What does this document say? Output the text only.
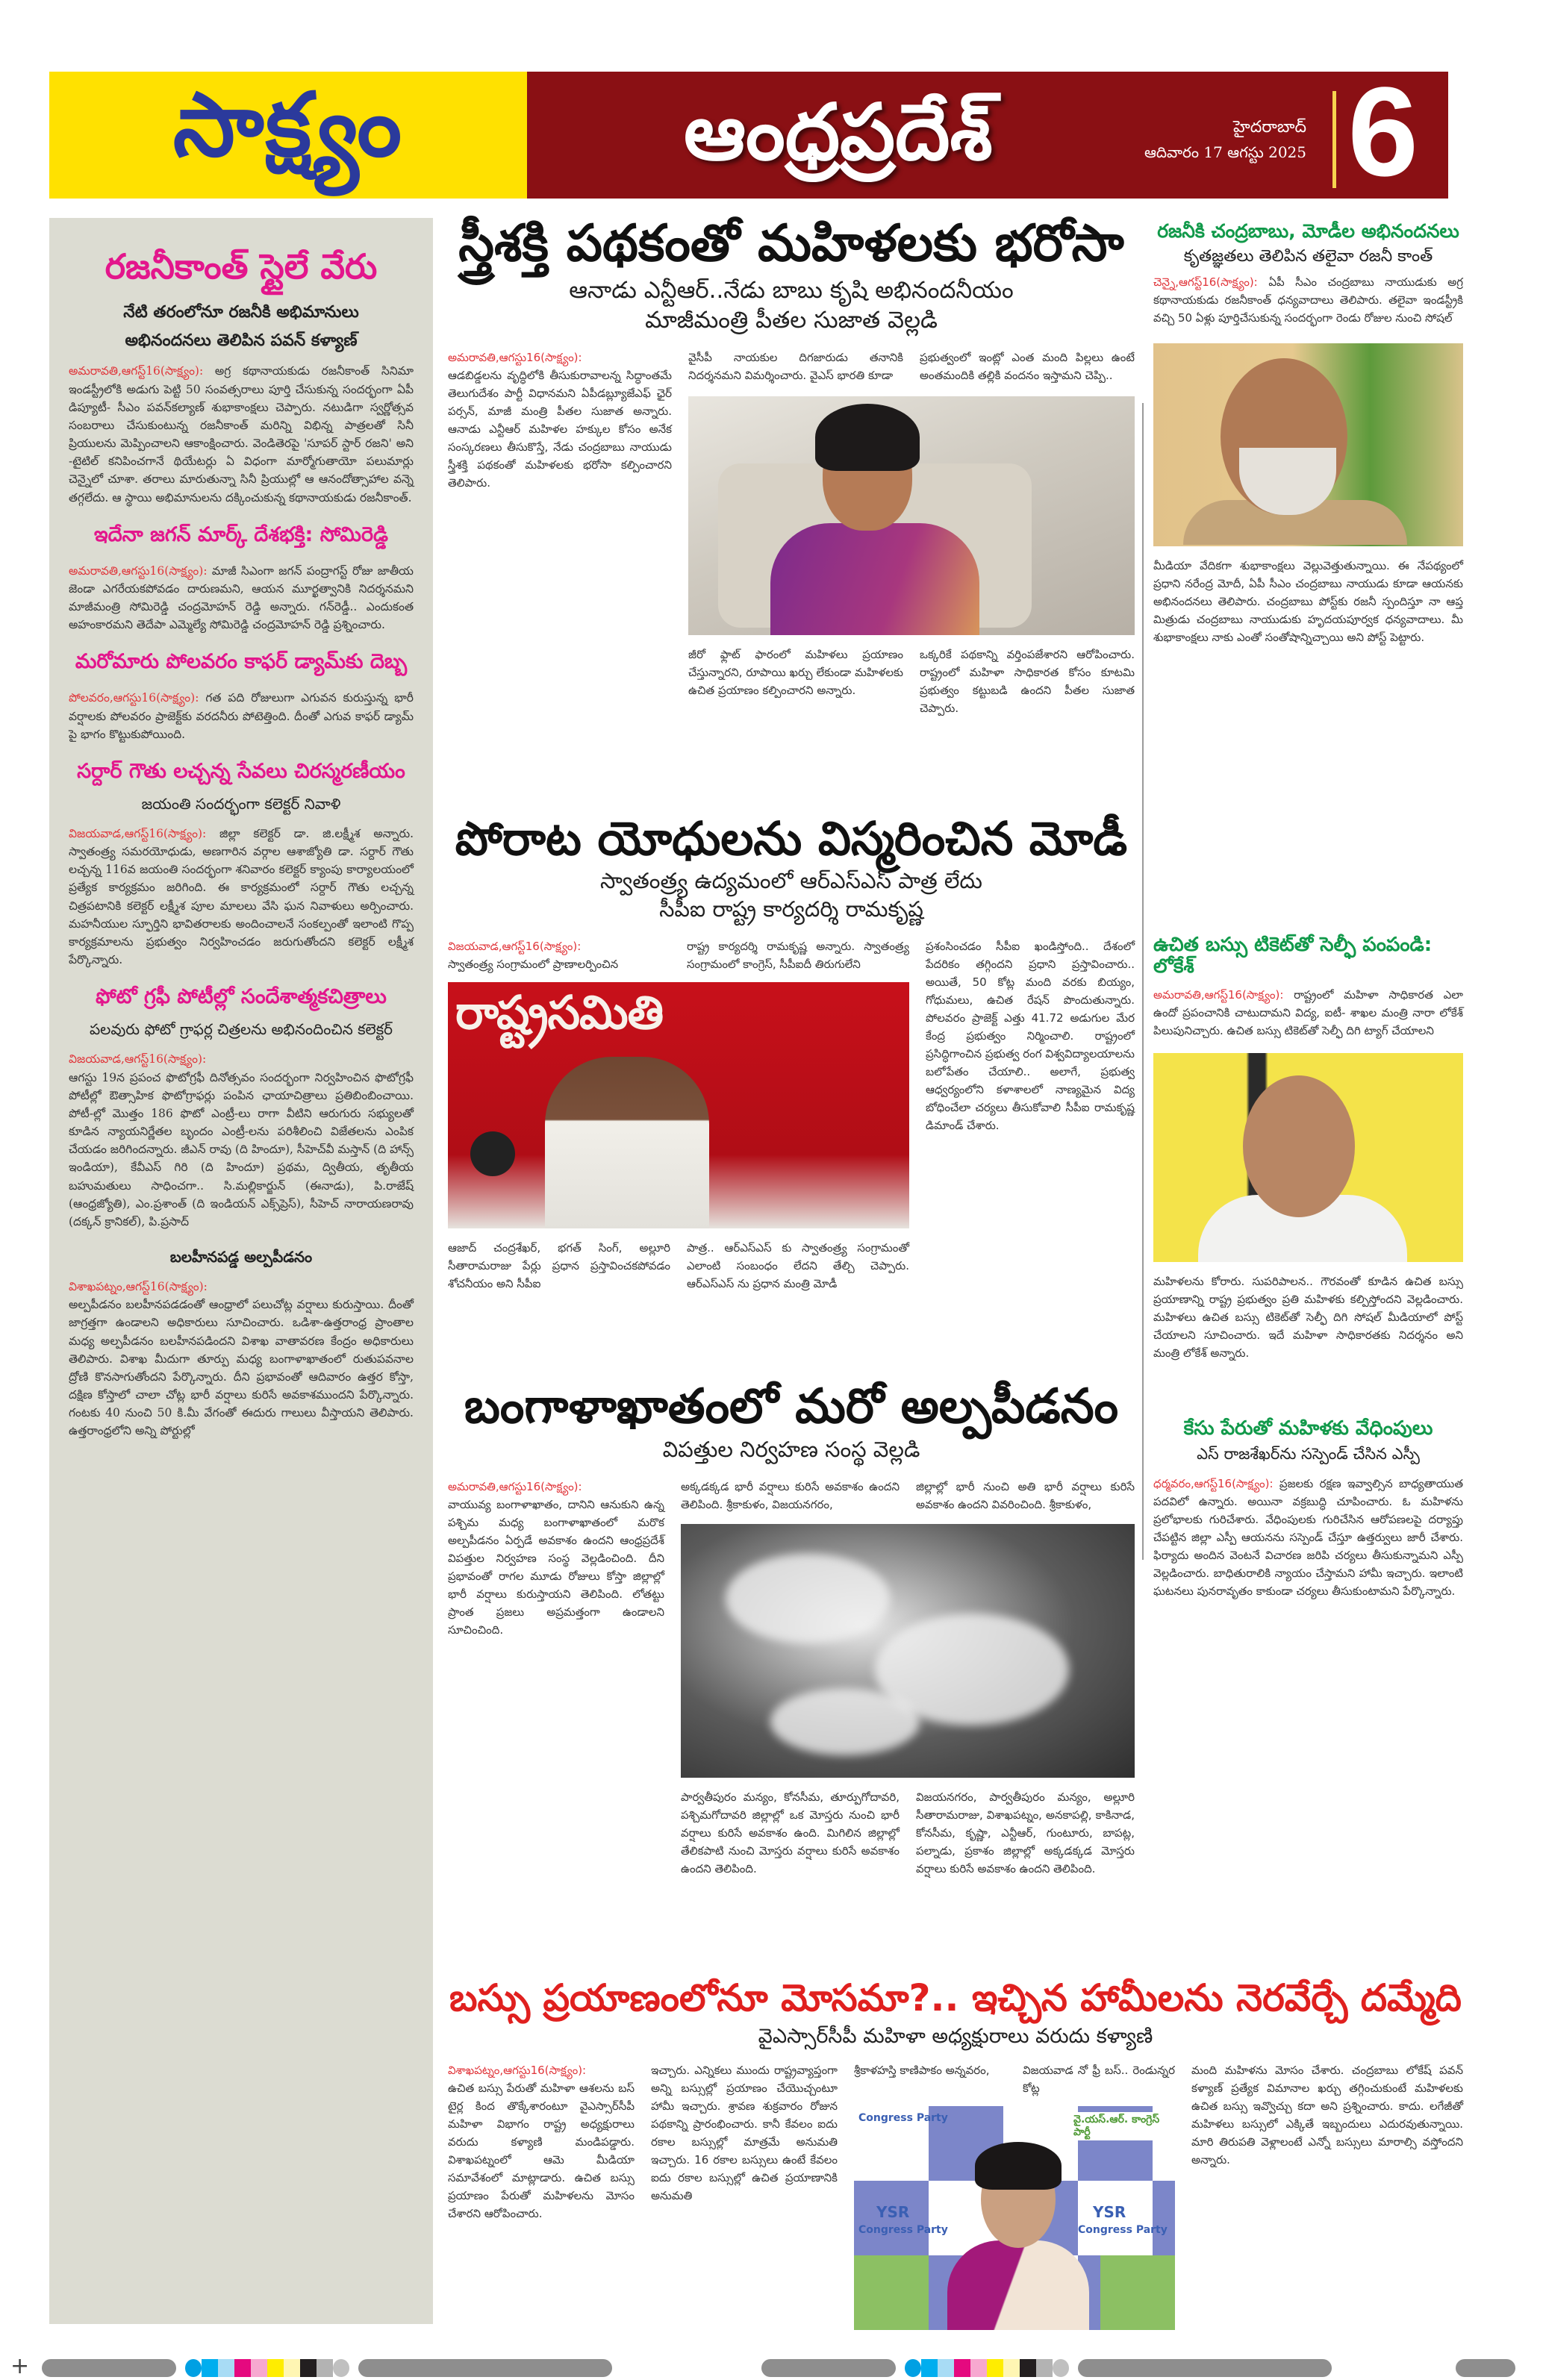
సాక్ష్యం	ఆంధ్రప్రదేశ్	హైదరాబాద్
ఆదివారం 17 ఆగస్టు 2025 6
రజనీకాంత్ స్టైలే వేరు
నేటి తరంలోనూ రజనీకి అభిమానులు
అభినందనలు తెలిపిన పవన్ కళ్యాణ్
అమరావతి,ఆగస్ట్16(సాక్ష్యం): అగ్ర కథానాయకుడు రజనీకాంత్ సినిమా ఇండస్ట్రీలోకి అడుగు పెట్టి 50 సంవత్సరాలు పూర్తి చేసుకున్న సందర్భంగా ఏపీ డిప్యూటీ- సీఎం పవన్‌కల్యాణ్ శుభాకాంక్షలు చెప్పారు. నటుడిగా స్వర్ణోత్సవ సంబరాలు చేసుకుంటున్న రజనీకాంత్ మరిన్ని విభిన్న పాత్రలతో సినీ ప్రియులను మెప్పించాలని ఆకాంక్షించారు. వెండితెరపై 'సూపర్ స్టార్ రజని' అని -టైటిల్ కనిపించగానే థియేటర్లు ఏ విధంగా మార్మోగుతాయో పలుమార్లు చెన్నైలో చూశా. తరాలు మారుతున్నా సినీ ప్రియుల్లో ఆ ఆనందోత్సాహాల వన్నె తగ్గలేదు. ఆ స్థాయి అభిమానులను దక్కించుకున్న కథానాయకుడు రజనీకాంత్.
ఇదేనా జగన్ మార్క్ దేశభక్తి: సోమిరెడ్డి
అమరావతి,ఆగస్టు16(సాక్ష్యం): మాజీ సిఎంగా జగన్ పంద్రాగస్ట్ రోజు జాతీయ జెండా ఎగరేయకపోవడం దారుణమని, ఆయన మూర్ఖత్వానికి నిదర్శనమని మాజీమంత్రి సోమిరెడ్డి చంద్రమోహన్ రెడ్డి అన్నారు. గన్‌రెడ్డీ.. ఎందుకంత అహంకారమని తెదేపా ఎమ్మెల్యే సోమిరెడ్డి చంద్రమోహన్ రెడ్డి ప్రశ్నించారు.
మరోమారు పోలవరం కాఫర్ డ్యామ్‌కు దెబ్బ
పోలవరం,ఆగస్టు16(సాక్ష్యం): గత పది రోజులుగా ఎగువన కురుస్తున్న భారీ వర్షాలకు పోలవరం ప్రాజెక్ట్‌కు వరదనీరు పోటెత్తింది. దీంతో ఎగువ కాఫర్ డ్యామ్ పై భాగం కొట్టుకుపోయింది.
సర్దార్ గౌతు లచ్చన్న సేవలు చిరస్మరణీయం
జయంతి సందర్భంగా కలెక్టర్ నివాళి
విజయవాడ,ఆగస్ట్16(సాక్ష్యం): జిల్లా కలెక్టర్ డా. జి.లక్ష్మీశ అన్నారు. స్వాతంత్ర్య సమరయోధుడు, అణగారిన వర్గాల ఆశాజ్యోతి డా. సర్దార్ గౌతు లచ్చన్న 116వ జయంతి సందర్భంగా శనివారం కలెక్టర్ క్యాంపు కార్యాలయంలో ప్రత్యేక కార్యక్రమం జరిగింది. ఈ కార్యక్రమంలో సర్దార్ గౌతు లచ్చన్న చిత్రపటానికి కలెక్టర్ లక్ష్మీశ పూల మాలలు వేసి ఘన నివాళులు అర్పించారు. మహనీయుల స్ఫూర్తిని భావితరాలకు అందించాలనే సంకల్పంతో ఇలాంటి గొప్ప కార్యక్రమాలను ప్రభుత్వం నిర్వహించడం జరుగుతోందని కలెక్టర్ లక్ష్మీశ పేర్కొన్నారు.
ఫోటో గ్రఫీ పోటీల్లో సందేశాత్మకచిత్రాలు
పలవురు ఫోటో గ్రాఫర్ల చిత్రలను అభినందించిన కలెక్టర్
విజయవాడ,ఆగస్ట్16(సాక్ష్యం):
ఆగస్టు 19న ప్రపంచ ఫొటోగ్రఫీ దినోత్సవం సందర్భంగా నిర్వహించిన ఫొటోగ్రఫీ పోటీల్లో ఔత్సాహిక ఫొటోగ్రాఫర్లు పంపిన ఛాయాచిత్రాలు ప్రతిబింబించాయి. పోటీ-ల్లో మొత్తం 186 ఫొటో ఎంట్రీ-లు రాగా వీటిని ఆరుగురు సభ్యులతో కూడిన న్యాయనిర్ణేతల బృందం ఎంట్రీ-లను పరిశీలించి విజేతలను ఎంపిక చేయడం జరిగిందన్నారు. జీఎన్ రావు (ది హిందూ), సీహెచ్‌వీ మస్తాన్ (ది హాన్స్ ఇండియా), కేవీఎస్ గిరి (ది హిందూ) ప్రథమ, ద్వితీయ, తృతీయ బహుమతులు సాధించగా.. సి.మల్లికార్జున్ (ఈనాడు), పి.రాజేష్ (ఆంధ్రజ్యోతి), ఎం.ప్రశాంత్ (ది ఇండియన్ ఎక్స్‌ప్రెస్), సీహెచ్ నారాయణరావు (దక్కన్ క్రానికల్), పి.ప్రసాద్
బలహీనపడ్డ అల్పపీడనం
విశాఖపట్నం,ఆగస్ట్16(సాక్ష్యం):
అల్పపీడనం బలహీనపడడంతో ఆంధ్రాలో పలుచోట్ల వర్షాలు కురుస్తాయి. దీంతో జాగ్రత్తగా ఉండాలని అధికారులు సూచించారు. ఒడిశా-ఉత్తరాంధ్ర ప్రాంతాల మధ్య అల్పపీడనం బలహీనపడిందని విశాఖ వాతావరణ కేంద్రం అధికారులు తెలిపారు. విశాఖ మీదుగా తూర్పు మధ్య బంగాళాఖాతంలో రుతుపవనాల ద్రోణి కొనసాగుతోందని పేర్కొన్నారు. దీని ప్రభావంతో ఆదివారం ఉత్తర కోస్తా, దక్షిణ కోస్తాలో చాలా చోట్ల భారీ వర్షాలు కురిసే అవకాశముందని పేర్కొన్నారు. గంటకు 40 నుంచి 50 కి.మీ వేగంతో ఈదురు గాలులు వీస్తాయని తెలిపారు. ఉత్తరాంధ్రలోని అన్ని పోర్టుల్లో
స్త్రీశక్తి పథకంతో మహిళలకు భరోసా
ఆనాడు ఎన్టీఆర్..నేడు బాబు కృషి అభినందనీయం
మాజీమంత్రి పీతల సుజాత వెల్లడి
అమరావతి,ఆగస్టు16(సాక్ష్యం):
ఆడబిడ్డలను వృద్ధిలోకి తీసుకురావాలన్న సిద్ధాంతమే తెలుగుదేశం పార్టీ విధానమని ఏపీడబ్ల్యూజేఎఫ్ ఛైర్ పర్సన్, మాజీ మంత్రి పీతల సుజాత అన్నారు. ఆనాడు ఎన్టీఆర్ మహిళల హక్కుల కోసం అనేక సంస్కరణలు తీసుకొస్తే, నేడు చంద్రబాబు నాయుడు స్త్రీశక్తి పథకంతో మహిళలకు భరోసా కల్పించారని తెలిపారు.
వైసీపీ నాయకుల దిగజారుడు తనానికి నిదర్శనమని విమర్శించారు. వైఎస్ భారతి కూడా
ప్రభుత్వంలో ఇంట్లో ఎంత మంది పిల్లలు ఉంటే అంతమందికి తల్లికి వందనం ఇస్తామని చెప్పి..
జీరో ఫ్లాట్ ఫారంలో మహిళలు ప్రయాణం చేస్తున్నారని, రూపాయి ఖర్చు లేకుండా మహిళలకు ఉచిత ప్రయాణం కల్పించారని అన్నారు.
ఒక్కరికే పథకాన్ని వర్తింపజేశారని ఆరోపించారు. రాష్ట్రంలో మహిళా సాధికారత కోసం కూటమి ప్రభుత్వం కట్టుబడి ఉందని పీతల సుజాత చెప్పారు.
పోరాట యోధులను విస్మరించిన మోడీ
స్వాతంత్ర్య ఉద్యమంలో ఆర్ఎస్ఎస్ పాత్ర లేదు
సీపీఐ రాష్ట్ర కార్యదర్శి రామకృష్ణ
విజయవాడ,ఆగస్ట్16(సాక్ష్యం):
స్వాతంత్ర్య సంగ్రామంలో ప్రాణాలర్పించిన
రాష్ట్ర కార్యదర్శి రామకృష్ణ అన్నారు. స్వాతంత్ర్య సంగ్రామంలో కాంగ్రెస్, సీపీఐదీ తిరుగులేని
రాష్ట్రసమితి
ఆజాద్ చంద్రశేఖర్, భగత్ సింగ్, అల్లూరి సీతారామరాజు పేర్లు ప్రధాన ప్రస్తావించకపోవడం శోచనీయం అని సీపీఐ
పాత్ర.. ఆర్ఎస్ఎస్ కు స్వాతంత్ర్య సంగ్రామంతో ఎలాంటి సంబంధం లేదని తేల్చి చెప్పారు. ఆర్ఎస్ఎస్ ను ప్రధాన మంత్రి మోడీ
ప్రశంసించడం సీపీఐ ఖండిస్తోంది.. దేశంలో పేదరికం తగ్గిందని ప్రధాని ప్రస్తావించారు.. అయితే, 50 కోట్ల మంది వరకు బియ్యం, గోధుమలు, ఉచిత రేషన్ పొందుతున్నారు. పోలవరం ప్రాజెక్ట్ ఎత్తు 41.72 అడుగుల మేర కేంద్ర ప్రభుత్వం నిర్మించాలి. రాష్ట్రంలో ప్రసిద్ధిగాంచిన ప్రభుత్వ రంగ విశ్వవిద్యాలయాలను బలోపేతం చేయాలి.. అలాగే, ప్రభుత్వ ఆధ్వర్యంలోని కళాశాలలో నాణ్యమైన విద్య బోధించేలా చర్యలు తీసుకోవాలి సీపీఐ రామకృష్ణ డిమాండ్ చేశారు.
బంగాళాఖాతంలో మరో అల్పపీడనం
విపత్తుల నిర్వహణ సంస్థ వెల్లడి
అమరావతి,ఆగస్టు16(సాక్ష్యం):
వాయువ్య బంగాళాఖాతం, దానిని ఆనుకుని ఉన్న పశ్చిమ మధ్య బంగాళాఖాతంలో మరొక అల్పపీడనం ఏర్పడే అవకాశం ఉందని ఆంధ్రప్రదేశ్ విపత్తుల నిర్వహణ సంస్థ వెల్లడించింది. దీని ప్రభావంతో రాగల మూడు రోజులు కోస్తా జిల్లాల్లో భారీ వర్షాలు కురుస్తాయని తెలిపింది. లోతట్టు ప్రాంత ప్రజలు అప్రమత్తంగా ఉండాలని సూచించింది.
అక్కడక్కడ భారీ వర్షాలు కురిసే అవకాశం ఉందని తెలిపింది. శ్రీకాకుళం, విజయనగరం,
జిల్లాల్లో భారీ నుంచి అతి భారీ వర్షాలు కురిసే అవకాశం ఉందని వివరించింది. శ్రీకాకుళం,
పార్వతీపురం మన్యం, కోనసీమ, తూర్పుగోదావరి, పశ్చిమగోదావరి జిల్లాల్లో ఒక మోస్తరు నుంచి భారీ వర్షాలు కురిసే అవకాశం ఉంది. మిగిలిన జిల్లాల్లో తేలికపాటి నుంచి మోస్తరు వర్షాలు కురిసే అవకాశం ఉందని తెలిపింది.
విజయనగరం, పార్వతీపురం మన్యం, అల్లూరి సీతారామరాజు, విశాఖపట్నం, అనకాపల్లి, కాకినాడ, కోనసీమ, కృష్ణా, ఎన్టీఆర్, గుంటూరు, బాపట్ల, పల్నాడు, ప్రకాశం జిల్లాల్లో అక్కడక్కడ మోస్తరు వర్షాలు కురిసే అవకాశం ఉందని తెలిపింది.
రజనీకి చంద్రబాబు, మోడీల అభినందనలు
కృతజ్ఞతలు తెలిపిన తలైవా రజనీ కాంత్
చెన్నై,ఆగస్ట్16(సాక్ష్యం): ఏపీ సీఎం చంద్రబాబు నాయుడుకు అగ్ర కథానాయకుడు రజనీకాంత్ ధన్యవాదాలు తెలిపారు. తలైవా ఇండస్ట్రీకి వచ్చి 50 ఏళ్లు పూర్తిచేసుకున్న సందర్భంగా రెండు రోజుల నుంచి సోషల్
మీడియా వేదికగా శుభాకాంక్షలు వెల్లువెత్తుతున్నాయి. ఈ నేపథ్యంలో ప్రధాని నరేంద్ర మోదీ, ఏపీ సీఎం చంద్రబాబు నాయుడు కూడా ఆయనకు అభినందనలు తెలిపారు. చంద్రబాబు పోస్ట్‌కు రజనీ స్పందిస్తూ నా ఆప్త మిత్రుడు చంద్రబాబు నాయుడుకు హృదయపూర్వక ధన్యవాదాలు. మీ శుభాకాంక్షలు నాకు ఎంతో సంతోషాన్నిచ్చాయి అని పోస్ట్ పెట్టారు.
ఉచిత బస్సు టికెట్‌తో సెల్ఫీ పంపండి: లోకేశ్
అమరావతి,ఆగస్ట్16(సాక్ష్యం): రాష్ట్రంలో మహిళా సాధికారత ఎలా ఉందో ప్రపంచానికి చాటుదామని విద్య, ఐటీ- శాఖల మంత్రి నారా లోకేశ్ పిలుపునిచ్చారు. ఉచిత బస్సు టికెట్‌తో సెల్ఫీ దిగి ట్యాగ్ చేయాలని
మహిళలను కోరారు. సుపరిపాలన.. గౌరవంతో కూడిన ఉచిత బస్సు ప్రయాణాన్ని రాష్ట్ర ప్రభుత్వం ప్రతి మహిళకు కల్పిస్తోందని వెల్లడించారు. మహిళలు ఉచిత బస్సు టికెట్‌తో సెల్ఫీ దిగి సోషల్ మీడియాలో పోస్ట్ చేయాలని సూచించారు. ఇదే మహిళా సాధికారతకు నిదర్శనం అని మంత్రి లోకేశ్ అన్నారు.
కేసు పేరుతో మహిళకు వేధింపులు
ఎస్ రాజశేఖర్‌ను సస్పెండ్ చేసిన ఎస్పీ
ధర్మవరం,ఆగస్ట్16(సాక్ష్యం): ప్రజలకు రక్షణ ఇవ్వాల్సిన బాధ్యతాయుత పదవిలో ఉన్నారు. అయినా వక్రబుద్ధి చూపించారు. ఓ మహిళను ప్రలోభాలకు గురిచేశారు. వేధింపులకు గురిచేసిన ఆరోపణలపై దర్యాప్తు చేపట్టిన జిల్లా ఎస్పీ ఆయనను సస్పెండ్ చేస్తూ ఉత్తర్వులు జారీ చేశారు. ఫిర్యాదు అందిన వెంటనే విచారణ జరిపి చర్యలు తీసుకున్నామని ఎస్పీ వెల్లడించారు. బాధితురాలికి న్యాయం చేస్తామని హామీ ఇచ్చారు. ఇలాంటి ఘటనలు పునరావృతం కాకుండా చర్యలు తీసుకుంటామని పేర్కొన్నారు.
బస్సు ప్రయాణంలోనూ మోసమా?.. ఇచ్చిన హామీలను నెరవేర్చే దమ్మేది
వైఎస్సార్‌సీపీ మహిళా అధ్యక్షురాలు వరుదు కళ్యాణి
విశాఖపట్నం,ఆగస్టు16(సాక్ష్యం):
ఉచిత బస్సు పేరుతో మహిళా ఆశలను బస్ టైర్ల కింద తొక్కేశారంటూ వైఎస్సార్‌సీపీ మహిళా విభాగం రాష్ట్ర అధ్యక్షురాలు వరుదు కళ్యాణి మండిపడ్డారు. విశాఖపట్నంలో ఆమె మీడియా సమావేశంలో మాట్లాడారు. ఉచిత బస్సు ప్రయాణం పేరుతో మహిళలను మోసం చేశారని ఆరోపించారు.
ఇచ్చారు. ఎన్నికలు ముందు రాష్ట్రవ్యాప్తంగా అన్ని బస్సుల్లో ప్రయాణం చేయొచ్చంటూ హామీ ఇచ్చారు. శ్రావణ శుక్రవారం రోజున పథకాన్ని ప్రారంభించారు. కానీ కేవలం ఐదు రకాల బస్సుల్లో మాత్రమే అనుమతి ఇచ్చారు. 16 రకాల బస్సులు ఉంటే కేవలం ఐదు రకాల బస్సుల్లో ఉచిత ప్రయాణానికి అనుమతి
శ్రీకాళహస్తి కాణిపాకం అన్నవరం,	విజయవాడ నో ఫ్రీ బస్.. రెండున్నర కోట్ల
Congress Party
YSR
Congress Party
వై.యస్.ఆర్. కాంగ్రెస్ పార్టీ
YSR
Congress Party
మంది మహిళను మోసం చేశారు. చంద్రబాబు లోకేష్ పవన్ కళ్యాణ్ ప్రత్యేక విమానాల ఖర్చు తగ్గించుకుంటే మహిళలకు ఉచిత బస్సు ఇవ్వొచ్చు కదా అని ప్రశ్నించారు. కాదు. లగేజీతో మహిళలు బస్సులో ఎక్కితే ఇబ్బందులు ఎదురవుతున్నాయి. మారి తిరుపతి వెళ్లాలంటే ఎన్నో బస్సులు మారాల్సి వస్తోందని అన్నారు.
+
